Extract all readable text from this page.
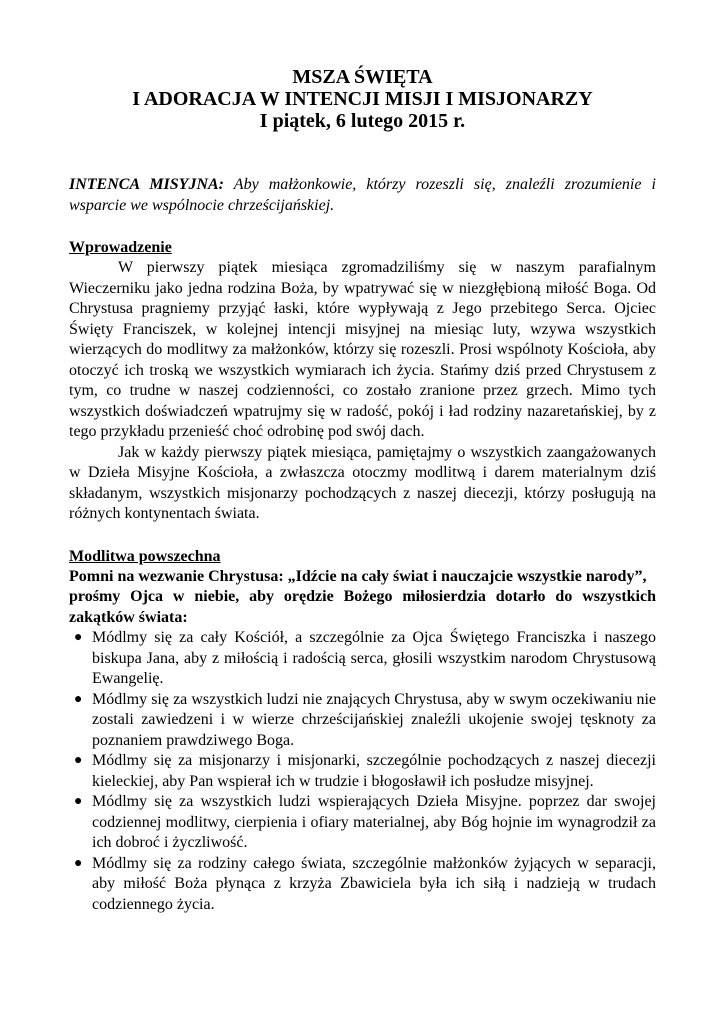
MSZA ŚWIĘTA

I ADORACJA W INTENCJI MISJI I MISJONARZY

I piątek, 6 lutego 2015 r.

INTENCA MISYJNA: Aby małżonkowie, którzy rozeszli się, znaleźli zrozumienie i wsparcie we wspólnocie chrześcijańskiej.

Wprowadzenie

W pierwszy piątek miesiąca zgromadziliśmy się w naszym parafialnym Wieczerniku jako jedna rodzina Boża, by wpatrywać się w niezgłębioną miłość Boga. Od Chrystusa pragniemy przyjąć łaski, które wypływają z Jego przebitego Serca. Ojciec Święty Franciszek, w kolejnej intencji misyjnej na miesiąc luty, wzywa wszystkich wierzących do modlitwy za małżonków, którzy się rozeszli. Prosi wspólnoty Kościoła, aby otoczyć ich troską we wszystkich wymiarach ich życia. Stańmy dziś przed Chrystusem z tym, co trudne w naszej codzienności, co zostało zranione przez grzech. Mimo tych wszystkich doświadczeń wpatrujmy się w radość, pokój i ład rodziny nazaretańskiej, by z tego przykładu przenieść choć odrobinę pod swój dach.

Jak w każdy pierwszy piątek miesiąca, pamiętajmy o wszystkich zaangażowanych w Dzieła Misyjne Kościoła, a zwłaszcza otoczmy modlitwą i darem materialnym dziś składanym, wszystkich misjonarzy pochodzących z naszej diecezji, którzy posługują na różnych kontynentach świata.

Modlitwa powszechna

Pomni na wezwanie Chrystusa: „Idźcie na cały świat i nauczajcie wszystkie narody”,
prośmy Ojca w niebie, aby orędzie Bożego miłosierdzia dotarło do wszystkich zakątków świata:

● Módlmy się za cały Kościół, a szczególnie za Ojca Świętego Franciszka i naszego biskupa Jana, aby z miłością i radością serca, głosili wszystkim narodom Chrystusową Ewangelię.
● Módlmy się za wszystkich ludzi nie znających Chrystusa, aby w swym oczekiwaniu nie zostali zawiedzeni i w wierze chrześcijańskiej znaleźli ukojenie swojej tęsknoty za poznaniem prawdziwego Boga.
● Módlmy się za misjonarzy i misjonarki, szczególnie pochodzących z naszej diecezji kieleckiej, aby Pan wspierał ich w trudzie i błogosławił ich posłudze misyjnej.
● Módlmy się za wszystkich ludzi wspierających Dzieła Misyjne. poprzez dar swojej codziennej modlitwy, cierpienia i ofiary materialnej, aby Bóg hojnie im wynagrodził za ich dobroć i życzliwość.
● Módlmy się za rodziny całego świata, szczególnie małżonków żyjących w separacji, aby miłość Boża płynąca z krzyża Zbawiciela była ich siłą i nadzieją w trudach codziennego życia.
